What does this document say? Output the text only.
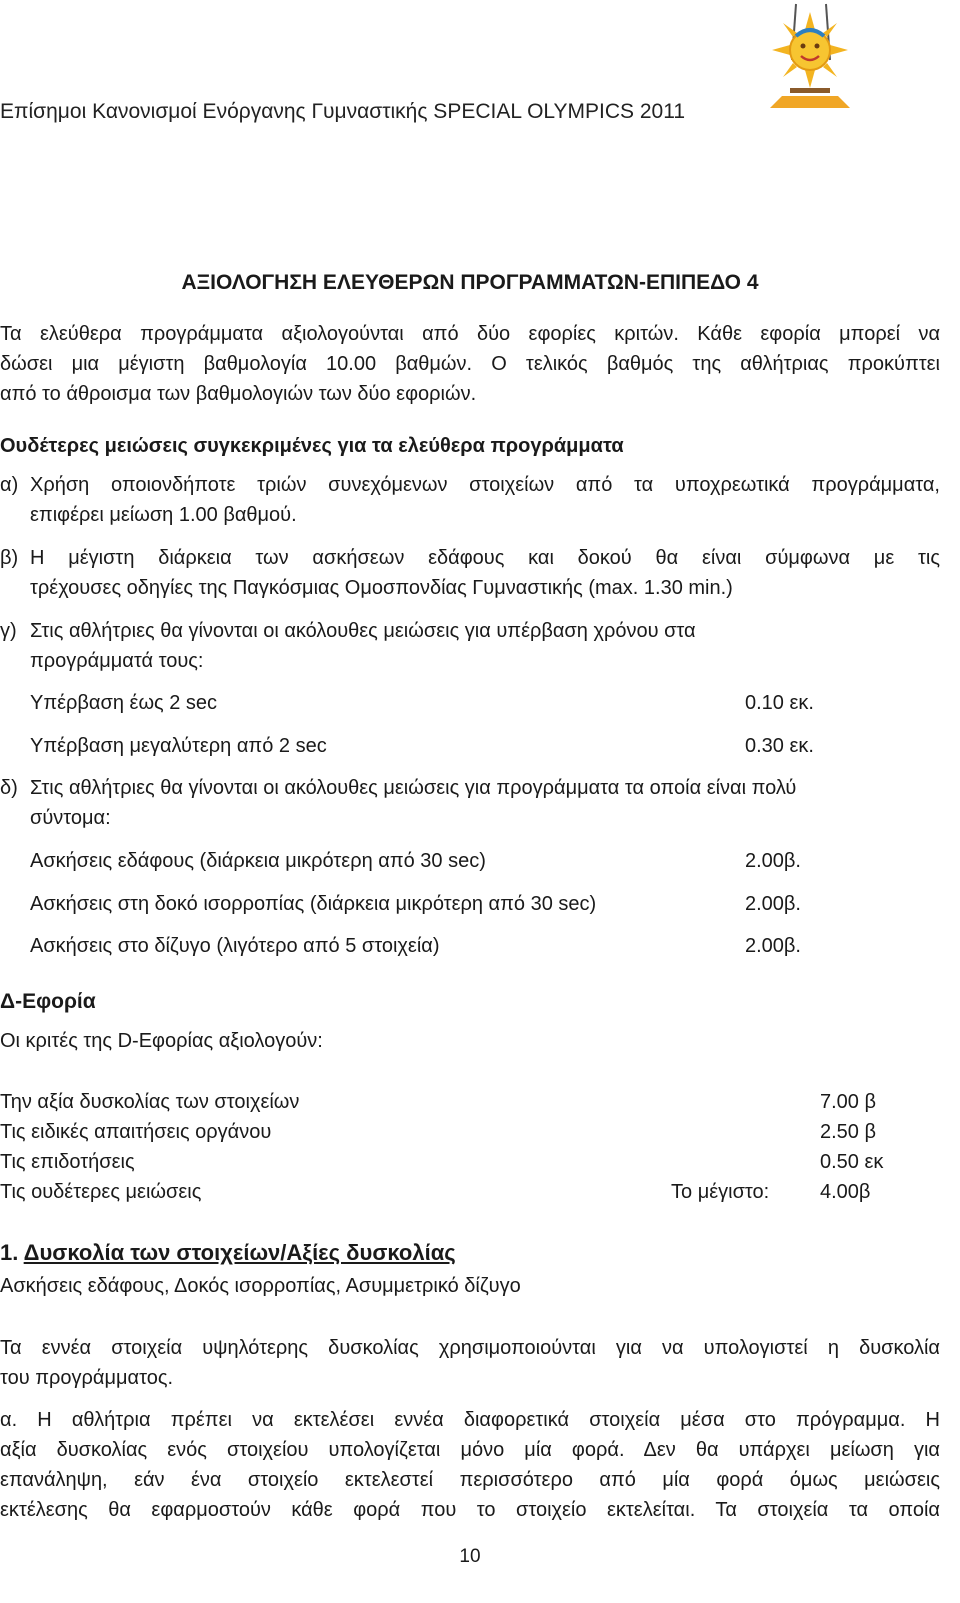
Επίσημοι Κανονισμοί Ενόργανης Γυμναστικής SPECIAL OLYMPICS 2011
ΑΞΙΟΛΟΓΗΣΗ ΕΛΕΥΘΕΡΩΝ ΠΡΟΓΡΑΜΜΑΤΩΝ-ΕΠΙΠΕΔΟ 4
Τα ελεύθερα προγράμματα αξιολογούνται από δύο εφορίες κριτών. Κάθε εφορία μπορεί να
δώσει μια μέγιστη βαθμολογία 10.00 βαθμών. Ο τελικός βαθμός της αθλήτριας προκύπτει
από το άθροισμα των βαθμολογιών των δύο εφοριών.
Ουδέτερες μειώσεις συγκεκριμένες για τα ελεύθερα προγράμματα
α) Χρήση οποιονδήποτε τριών συνεχόμενων στοιχείων από τα υποχρεωτικά προγράμματα,
επιφέρει μείωση 1.00 βαθμού.
β) Η μέγιστη διάρκεια των ασκήσεων εδάφους και δοκού θα είναι σύμφωνα με τις
τρέχουσες οδηγίες της Παγκόσμιας Ομοσπονδίας Γυμναστικής (max. 1.30 min.)
γ) Στις αθλήτριες θα γίνονται οι ακόλουθες μειώσεις για υπέρβαση χρόνου στα
προγράμματά τους:
Υπέρβαση έως 2 sec	0.10 εκ.
Υπέρβαση μεγαλύτερη από 2 sec	0.30 εκ.
δ) Στις αθλήτριες θα γίνονται οι ακόλουθες μειώσεις για προγράμματα τα οποία είναι πολύ
σύντομα:
Ασκήσεις εδάφους (διάρκεια μικρότερη από 30 sec)	2.00β.
Ασκήσεις στη δοκό ισορροπίας (διάρκεια μικρότερη από 30 sec)	2.00β.
Ασκήσεις στο δίζυγο (λιγότερο από 5 στοιχεία)	2.00β.
Δ-Εφορία
Οι κριτές της D-Εφορίας αξιολογούν:
Την αξία δυσκολίας των στοιχείων	7.00 β
Τις ειδικές απαιτήσεις οργάνου	2.50 β
Τις επιδοτήσεις	0.50 εκ
Τις ουδέτερες μειώσεις	Το μέγιστο:	4.00β
1. Δυσκολία των στοιχείων/Αξίες δυσκολίας
Ασκήσεις εδάφους, Δοκός ισορροπίας, Ασυμμετρικό δίζυγο
Τα εννέα στοιχεία υψηλότερης δυσκολίας χρησιμοποιούνται για να υπολογιστεί η δυσκολία
του προγράμματος.
α. Η αθλήτρια πρέπει να εκτελέσει εννέα διαφορετικά στοιχεία μέσα στο πρόγραμμα. Η
αξία δυσκολίας ενός στοιχείου υπολογίζεται μόνο μία φορά. Δεν θα υπάρχει μείωση για
επανάληψη, εάν ένα στοιχείο εκτελεστεί περισσότερο από μία φορά όμως μειώσεις
εκτέλεσης θα εφαρμοστούν κάθε φορά που το στοιχείο εκτελείται. Τα στοιχεία τα οποία
10
